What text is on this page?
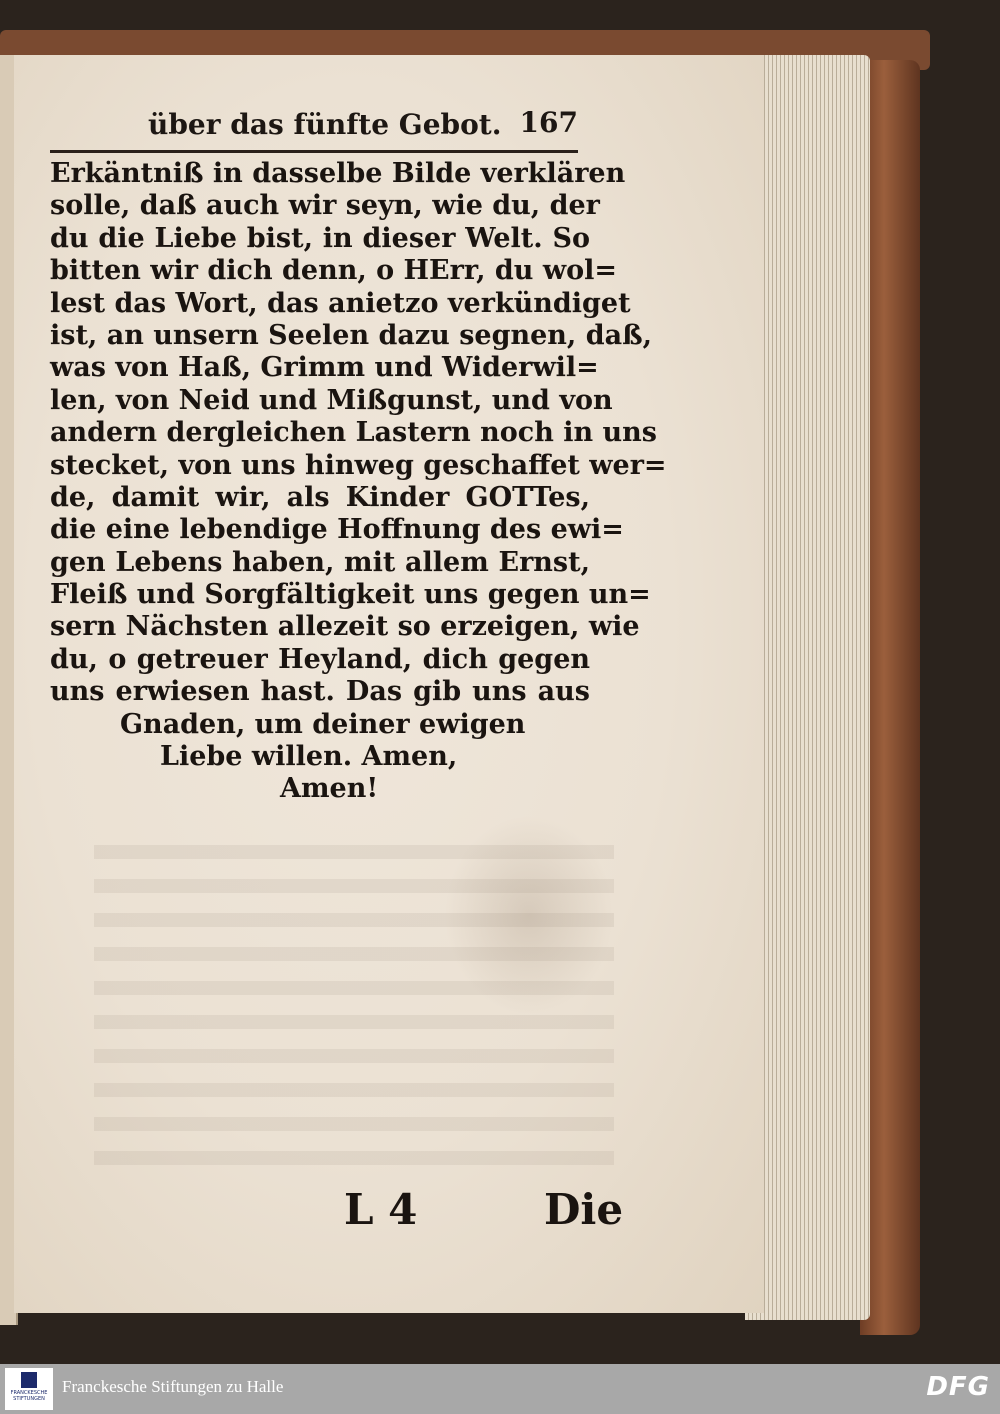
L 4	Die
über das fünfte Gebot. 167
Erkäntniß in dasselbe Bilde verklären
solle, daß auch wir seyn, wie du, der
du die Liebe bist, in dieser Welt. So
bitten wir dich denn, o HErr, du wol=
lest das Wort, das anietzo verkündiget
ist, an unsern Seelen dazu segnen, daß,
was von Haß, Grimm und Widerwil=
len, von Neid und Mißgunst, und von
andern dergleichen Lastern noch in uns
stecket, von uns hinweg geschaffet wer=
de, damit wir, als Kinder GOTTes,
die eine lebendige Hoffnung des ewi=
gen Lebens haben, mit allem Ernst,
Fleiß und Sorgfältigkeit uns gegen un=
sern Nächsten allezeit so erzeigen, wie
du, o getreuer Heyland, dich gegen
uns erwiesen hast. Das gib uns aus
Gnaden, um deiner ewigen
Liebe willen. Amen,
Amen!
FRANCKESCHE STIFTUNGEN
Franckesche Stiftungen zu Halle	DFG
